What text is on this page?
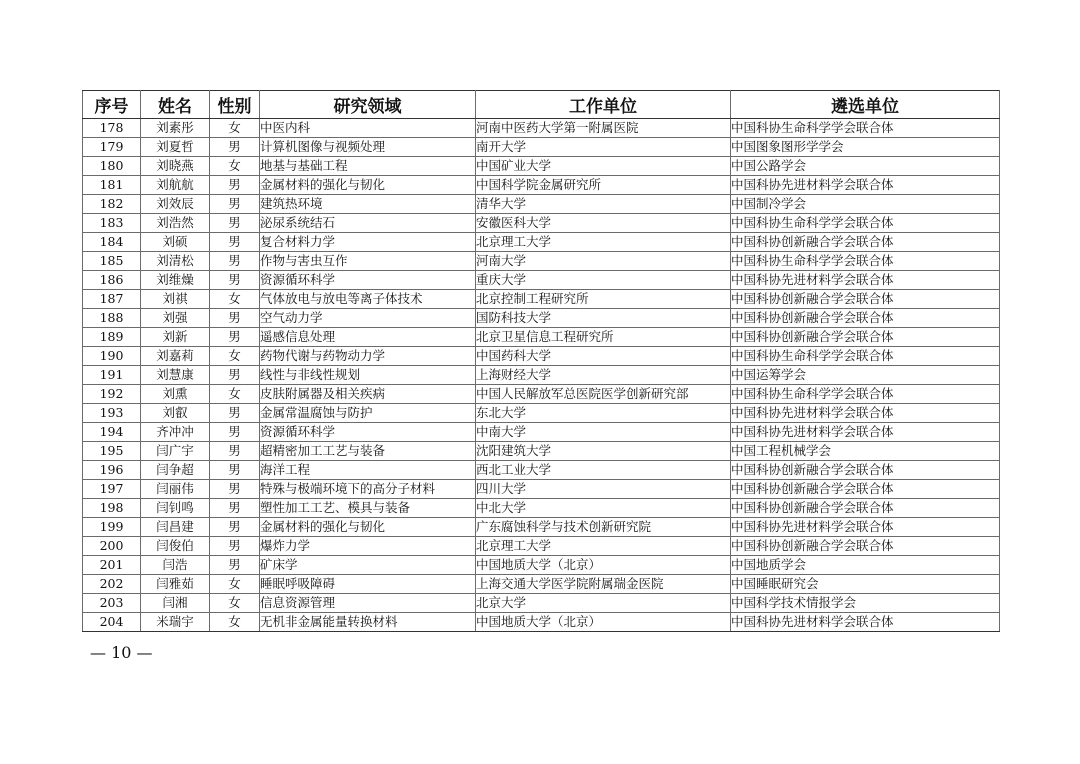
序号	姓名	性别	研究领域	工作单位	遴选单位
178	刘素彤	女	中医内科	河南中医药大学第一附属医院	中国科协生命科学学会联合体
179	刘夏哲	男	计算机图像与视频处理	南开大学	中国图象图形学学会
180	刘晓燕	女	地基与基础工程	中国矿业大学	中国公路学会
181	刘航航	男	金属材料的强化与韧化	中国科学院金属研究所	中国科协先进材料学会联合体
182	刘效辰	男	建筑热环境	清华大学	中国制冷学会
183	刘浩然	男	泌尿系统结石	安徽医科大学	中国科协生命科学学会联合体
184	刘硕	男	复合材料力学	北京理工大学	中国科协创新融合学会联合体
185	刘清松	男	作物与害虫互作	河南大学	中国科协生命科学学会联合体
186	刘维燥	男	资源循环科学	重庆大学	中国科协先进材料学会联合体
187	刘祺	女	气体放电与放电等离子体技术	北京控制工程研究所	中国科协创新融合学会联合体
188	刘强	男	空气动力学	国防科技大学	中国科协创新融合学会联合体
189	刘新	男	遥感信息处理	北京卫星信息工程研究所	中国科协创新融合学会联合体
190	刘嘉莉	女	药物代谢与药物动力学	中国药科大学	中国科协生命科学学会联合体
191	刘慧康	男	线性与非线性规划	上海财经大学	中国运筹学会
192	刘熏	女	皮肤附属器及相关疾病	中国人民解放军总医院医学创新研究部	中国科协生命科学学会联合体
193	刘叡	男	金属常温腐蚀与防护	东北大学	中国科协先进材料学会联合体
194	齐冲冲	男	资源循环科学	中南大学	中国科协先进材料学会联合体
195	闫广宇	男	超精密加工工艺与装备	沈阳建筑大学	中国工程机械学会
196	闫争超	男	海洋工程	西北工业大学	中国科协创新融合学会联合体
197	闫丽伟	男	特殊与极端环境下的高分子材料	四川大学	中国科协创新融合学会联合体
198	闫钊鸣	男	塑性加工工艺、模具与装备	中北大学	中国科协创新融合学会联合体
199	闫昌建	男	金属材料的强化与韧化	广东腐蚀科学与技术创新研究院	中国科协先进材料学会联合体
200	闫俊伯	男	爆炸力学	北京理工大学	中国科协创新融合学会联合体
201	闫浩	男	矿床学	中国地质大学（北京）	中国地质学会
202	闫雅茹	女	睡眠呼吸障碍	上海交通大学医学院附属瑞金医院	中国睡眠研究会
203	闫湘	女	信息资源管理	北京大学	中国科学技术情报学会
204	米瑞宇	女	无机非金属能量转换材料	中国地质大学（北京）	中国科协先进材料学会联合体
— 10 —
